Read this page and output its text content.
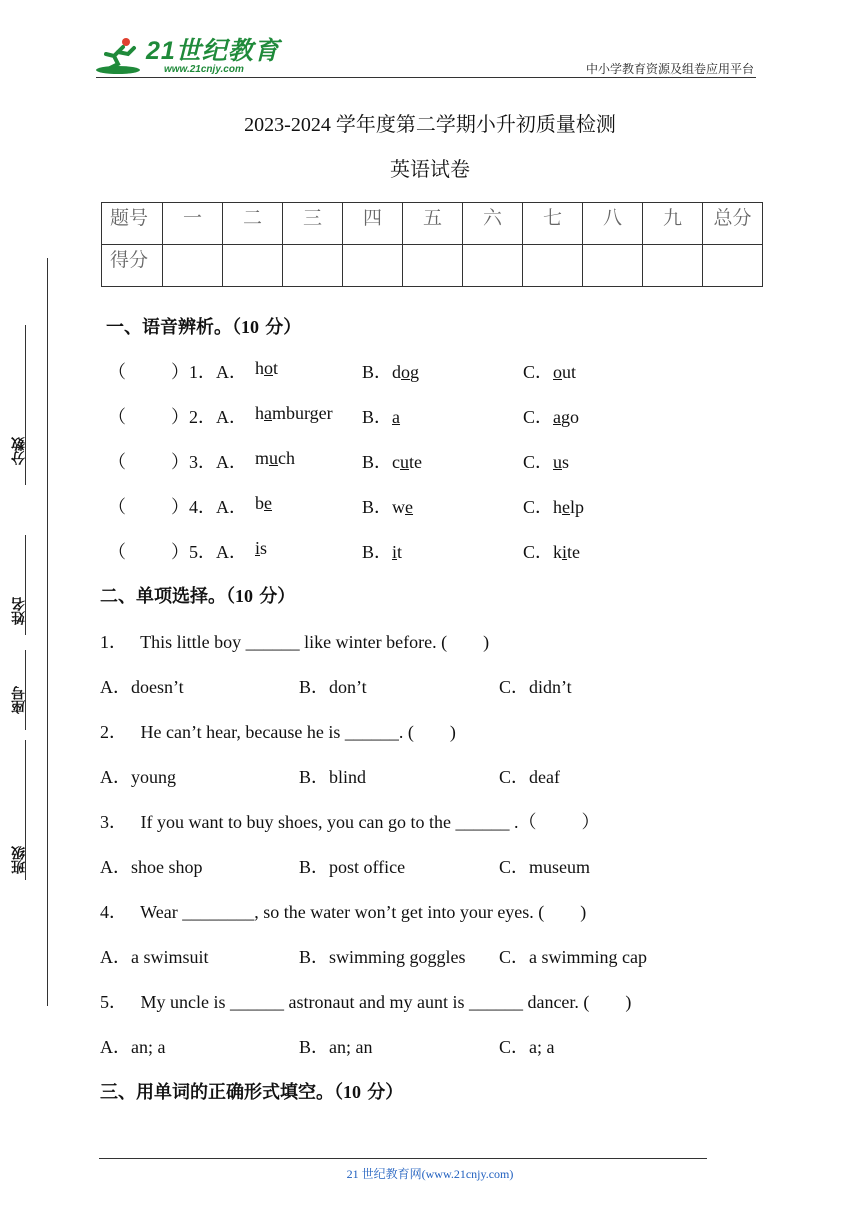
21世纪教育
www.21cnjy.com	中小学教育资源及组卷应用平台
2023-2024 学年度第二学期小升初质量检测
英语试卷
题号	一	二	三	四	五	六	七	八	九	总分
得分										
分数
姓名
座号
班级
一、语音辨析。（10 分）
（	）1．A． hot	B．dog	C．out
（	）2．A． hamburger B．a	C．ago
（	）3．A． much	B．cute	C．us
（	）4．A． be	B．we	C．help
（	）5．A． is	B．it	C．kite
二、单项选择。（10 分）
1．   This little boy ______ like winter before. (        )
A．doesn’t	B．don’t	C．didn’t
2．   He can’t hear, because he is ______. (        )
A．young	B．blind	C．deaf
3．   If you want to buy shoes, you can go to the ______ .（          ）
A．shoe shop	B．post office	C．museum
4．   Wear ________, so the water won’t get into your eyes. (        )
A．a swimsuit	B．swimming goggles C．a swimming cap
5．   My uncle is ______ astronaut and my aunt is ______ dancer. (        )
A．an; a	B．an; an	C．a; a
三、用单词的正确形式填空。（10 分）
21 世纪教育网(www.21cnjy.com)
